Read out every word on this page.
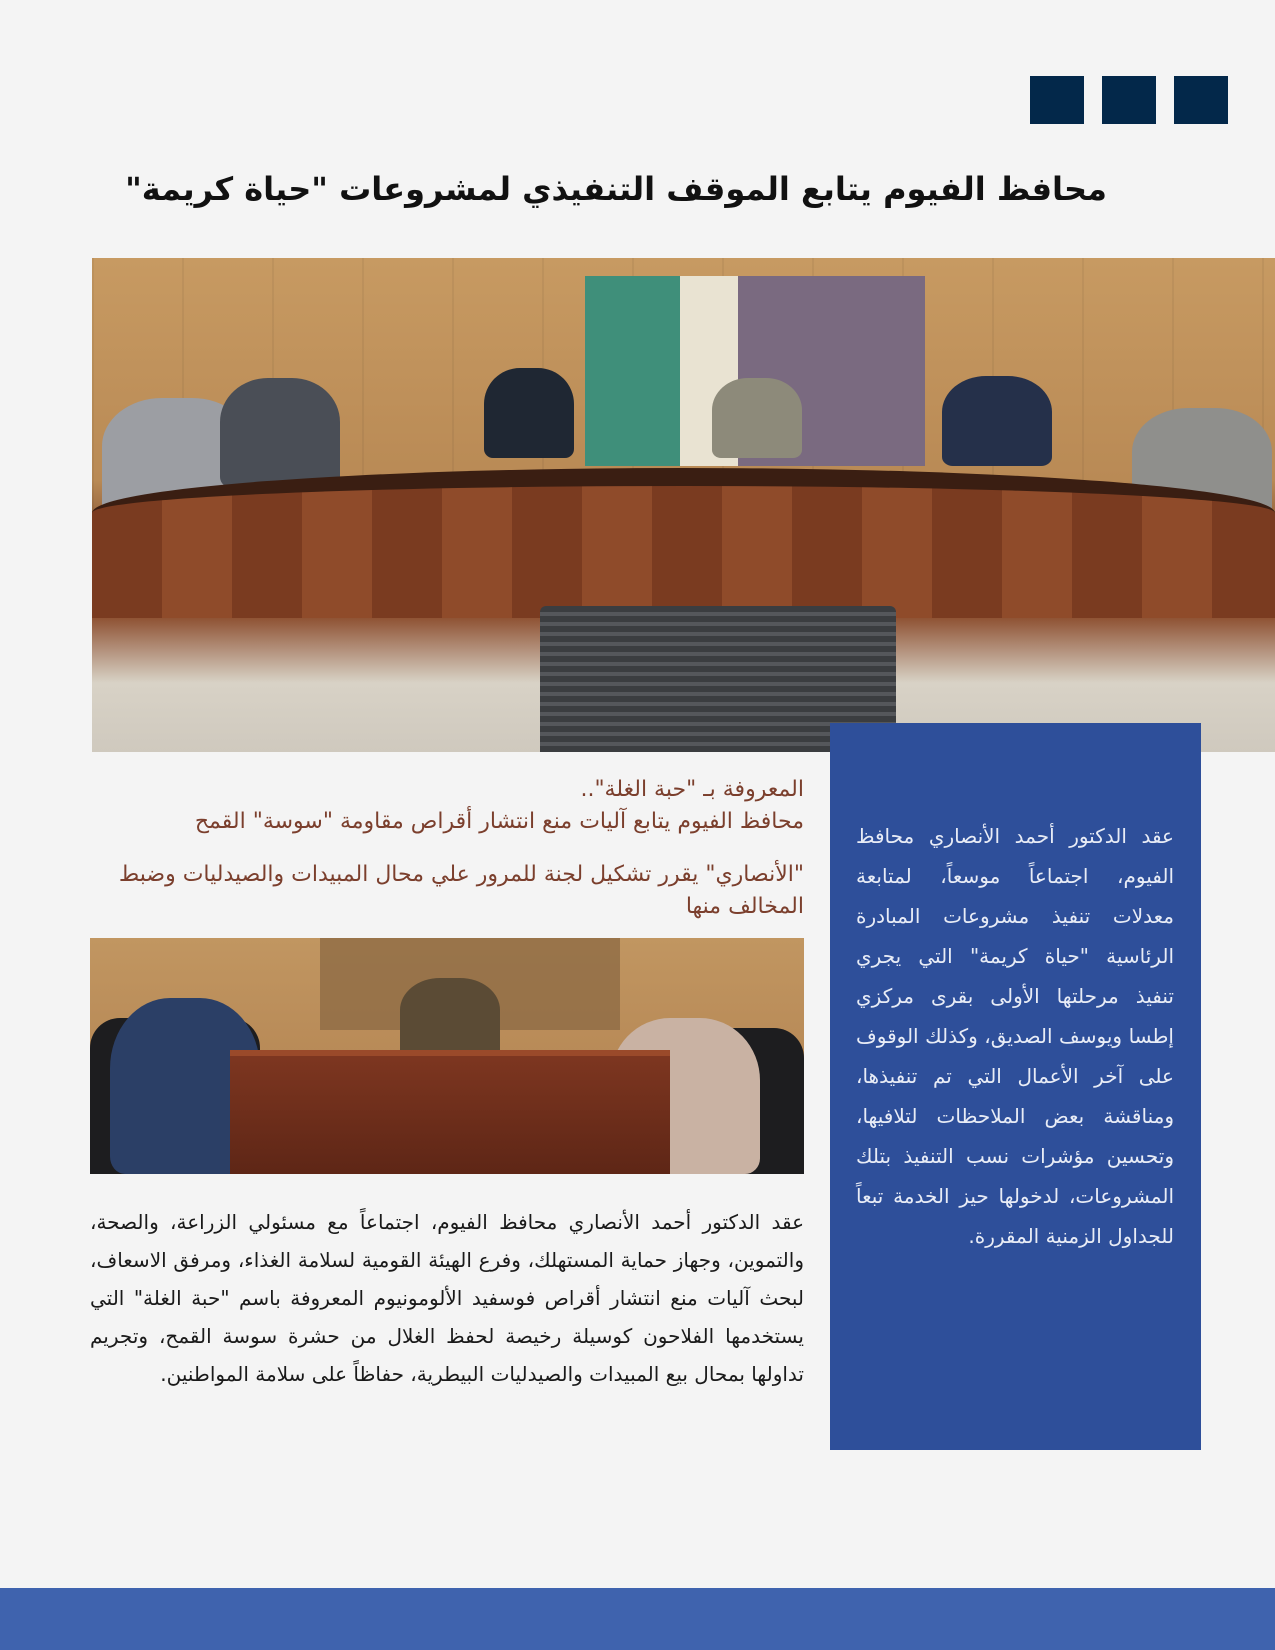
محافظ الفيوم يتابع الموقف التنفيذي لمشروعات "حياة كريمة"

عقد الدكتور أحمد الأنصاري محافظ الفيوم، اجتماعاً موسعاً، لمتابعة معدلات تنفيذ مشروعات المبادرة الرئاسية "حياة كريمة" التي يجري تنفيذ مرحلتها الأولى بقرى مركزي إطسا ويوسف الصديق، وكذلك الوقوف على آخر الأعمال التي تم تنفيذها، ومناقشة بعض الملاحظات لتلافيها، وتحسين مؤشرات نسب التنفيذ بتلك المشروعات، لدخولها حيز الخدمة تبعاً للجداول الزمنية المقررة.

المعروفة بـ "حبة الغلة"..
محافظ الفيوم يتابع آليات منع انتشار أقراص مقاومة "سوسة" القمح

"الأنصاري" يقرر تشكيل لجنة للمرور علي محال المبيدات والصيدليات وضبط المخالف منها

عقد الدكتور أحمد الأنصاري محافظ الفيوم، اجتماعاً مع مسئولي الزراعة، والصحة، والتموين، وجهاز حماية المستهلك، وفرع الهيئة القومية لسلامة الغذاء، ومرفق الاسعاف، لبحث آليات منع انتشار أقراص فوسفيد الألومونيوم المعروفة باسم "حبة الغلة" التي يستخدمها الفلاحون كوسيلة رخيصة لحفظ الغلال من حشرة سوسة القمح، وتجريم تداولها بمحال بيع المبيدات والصيدليات البيطرية، حفاظاً على سلامة المواطنين.
